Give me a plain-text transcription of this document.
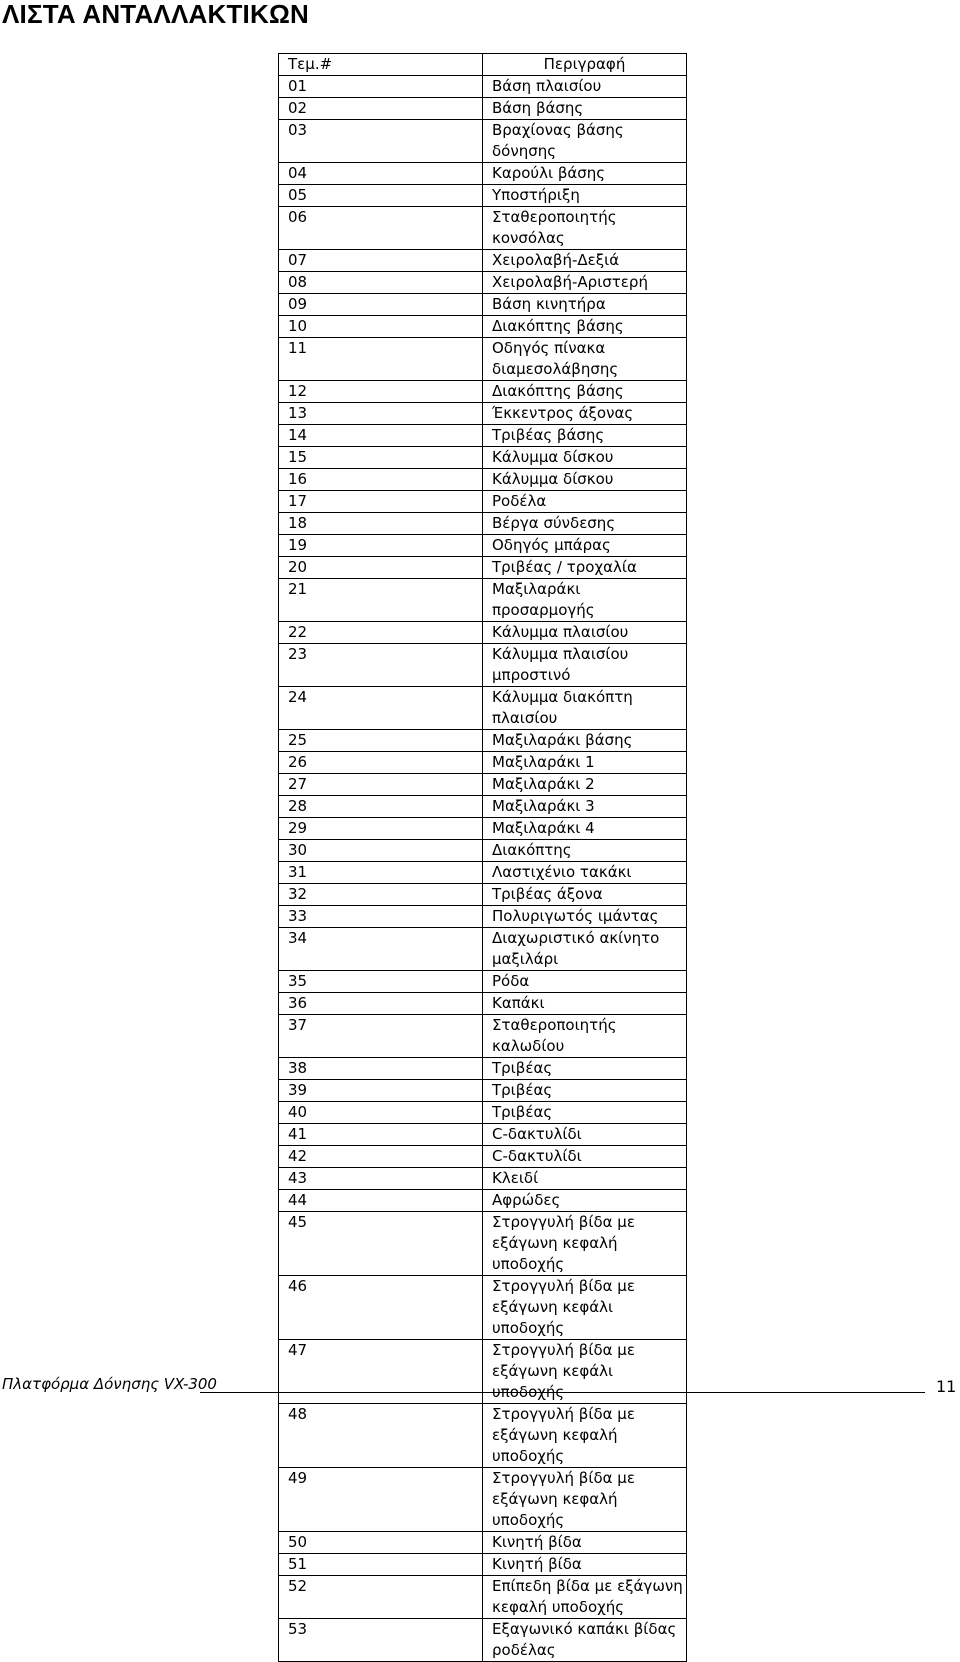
ΛΙΣΤΑ ΑΝΤΑΛΛΑΚΤΙΚΩΝ
Τεμ.#	Περιγραφή
01	Βάση πλαισίου
02	Βάση βάσης
03	Βραχίονας βάσης δόνησης
04	Καρούλι βάσης
05	Υποστήριξη
06	Σταθεροποιητής κονσόλας
07	Χειρολαβή-Δεξιά
08	Χειρολαβή-Αριστερή
09	Βάση κινητήρα
10	Διακόπτης βάσης
11	Οδηγός πίνακα διαμεσολάβησης
12	Διακόπτης βάσης
13	Έκκεντρος άξονας
14	Τριβέας βάσης
15	Κάλυμμα δίσκου
16	Κάλυμμα δίσκου
17	Ροδέλα
18	Βέργα σύνδεσης
19	Οδηγός μπάρας
20	Τριβέας / τροχαλία
21	Μαξιλαράκι προσαρμογής
22	Κάλυμμα πλαισίου
23	Κάλυμμα πλαισίου μπροστινό
24	Κάλυμμα διακόπτη πλαισίου
25	Μαξιλαράκι βάσης
26	Μαξιλαράκι 1
27	Μαξιλαράκι 2
28	Μαξιλαράκι 3
29	Μαξιλαράκι 4
30	Διακόπτης
31	Λαστιχένιο τακάκι
32	Τριβέας άξονα
33	Πολυριγωτός ιμάντας
34	Διαχωριστικό ακίνητο μαξιλάρι
35	Ρόδα
36	Καπάκι
37	Σταθεροποιητής καλωδίου
38	Τριβέας
39	Τριβέας
40	Τριβέας
41	C-δακτυλίδι
42	C-δακτυλίδι
43	Κλειδί
44	Αφρώδες
45	Στρογγυλή βίδα με εξάγωνη κεφαλή υποδοχής
46	Στρογγυλή βίδα με εξάγωνη κεφάλι υποδοχής
47	Στρογγυλή βίδα με εξάγωνη κεφάλι υποδοχής
48	Στρογγυλή βίδα με εξάγωνη κεφαλή υποδοχής
49	Στρογγυλή βίδα με εξάγωνη κεφαλή υποδοχής
50	Κινητή βίδα
51	Κινητή βίδα
52	Επίπεδη βίδα με εξάγωνη κεφαλή υποδοχής
53	Εξαγωνικό καπάκι βίδας ροδέλας
Πλατφόρμα Δόνησης VX-300	11
